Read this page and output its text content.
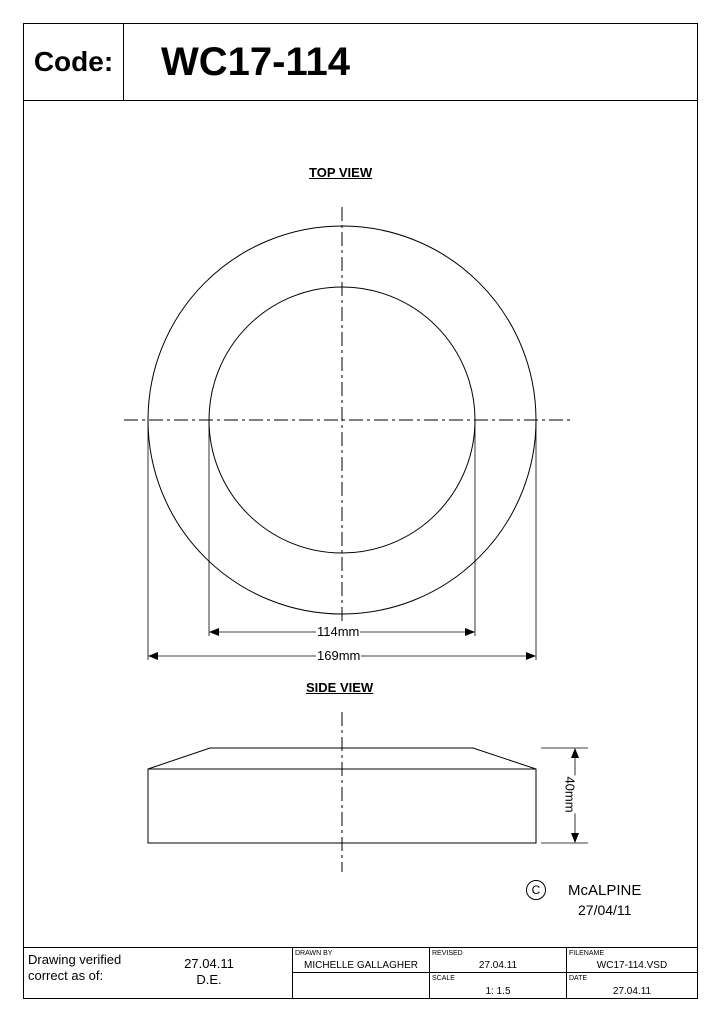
Code: WC17-114
TOP VIEW
114mm
169mm
SIDE VIEW
40mm
C McALPINE
27/04/11
Drawing verified
correct as of:
27.04.11
D.E.
DRAWN BY
MICHELLE GALLAGHER
REVISED
27.04.11
SCALE
1: 1.5
FILENAME
WC17-114.VSD
DATE
27.04.11
